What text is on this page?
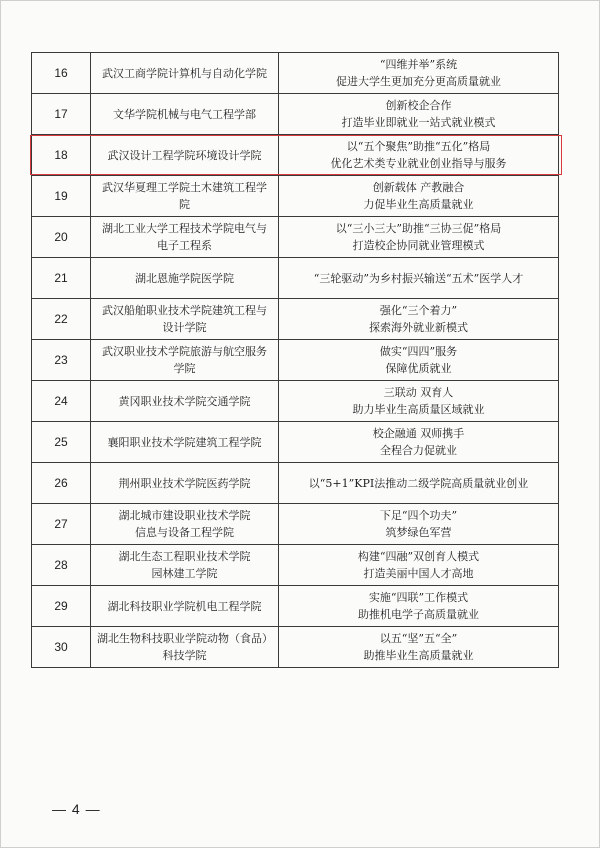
16	武汉工商学院计算机与自动化学院	“四维并举”系统
促进大学生更加充分更高质量就业

17	文华学院机械与电气工程学部	创新校企合作
打造毕业即就业一站式就业模式

18	武汉设计工程学院环境设计学院	以“五个聚焦”助推“五化”格局
优化艺术类专业就业创业指导与服务

19	武汉华夏理工学院土木建筑工程学
院	创新载体 产教融合
力促毕业生高质量就业

20	湖北工业大学工程技术学院电气与
电子工程系	以“三小三大”助推“三协三促”格局
打造校企协同就业管理模式

21	湖北恩施学院医学院	“三轮驱动”为乡村振兴输送“五术”医学人才

22	武汉船舶职业技术学院建筑工程与
设计学院	强化“三个着力”
探索海外就业新模式

23	武汉职业技术学院旅游与航空服务
学院	做实“四四”服务
保障优质就业

24	黄冈职业技术学院交通学院	三联动 双育人
助力毕业生高质量区域就业

25	襄阳职业技术学院建筑工程学院	校企融通 双师携手
全程合力促就业

26	荆州职业技术学院医药学院	以“5+1”KPI法推动二级学院高质量就业创业

27	湖北城市建设职业技术学院
信息与设备工程学院	下足“四个功夫”
筑梦绿色军营

28	湖北生态工程职业技术学院
园林建工学院	构建“四融”双创育人模式
打造美丽中国人才高地

29	湖北科技职业学院机电工程学院	实施“四联”工作模式
助推机电学子高质量就业

30	湖北生物科技职业学院动物（食品）
科技学院	以五“坚”五“全”
助推毕业生高质量就业
— 4 —
